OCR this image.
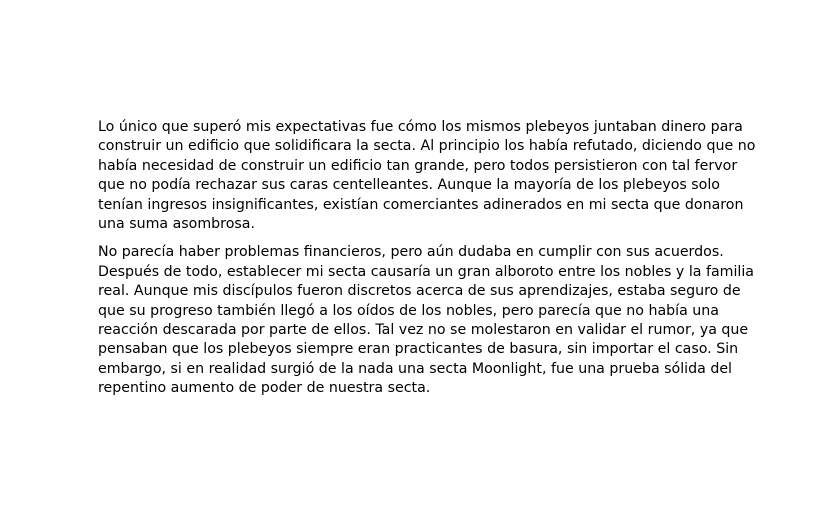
Lo único que superó mis expectativas fue cómo los mismos plebeyos juntaban dinero para construir un edificio que solidificara la secta. Al principio los había refutado, diciendo que no había necesidad de construir un edificio tan grande, pero todos persistieron con tal fervor que no podía rechazar sus caras centelleantes. Aunque la mayoría de los plebeyos solo tenían ingresos insignificantes, existían comerciantes adinerados en mi secta que donaron una suma asombrosa.

No parecía haber problemas financieros, pero aún dudaba en cumplir con sus acuerdos. Después de todo, establecer mi secta causaría un gran alboroto entre los nobles y la familia real. Aunque mis discípulos fueron discretos acerca de sus aprendizajes, estaba seguro de que su progreso también llegó a los oídos de los nobles, pero parecía que no había una reacción descarada por parte de ellos. Tal vez no se molestaron en validar el rumor, ya que pensaban que los plebeyos siempre eran practicantes de basura, sin importar el caso. Sin embargo, si en realidad surgió de la nada una secta Moonlight, fue una prueba sólida del repentino aumento de poder de nuestra secta.
